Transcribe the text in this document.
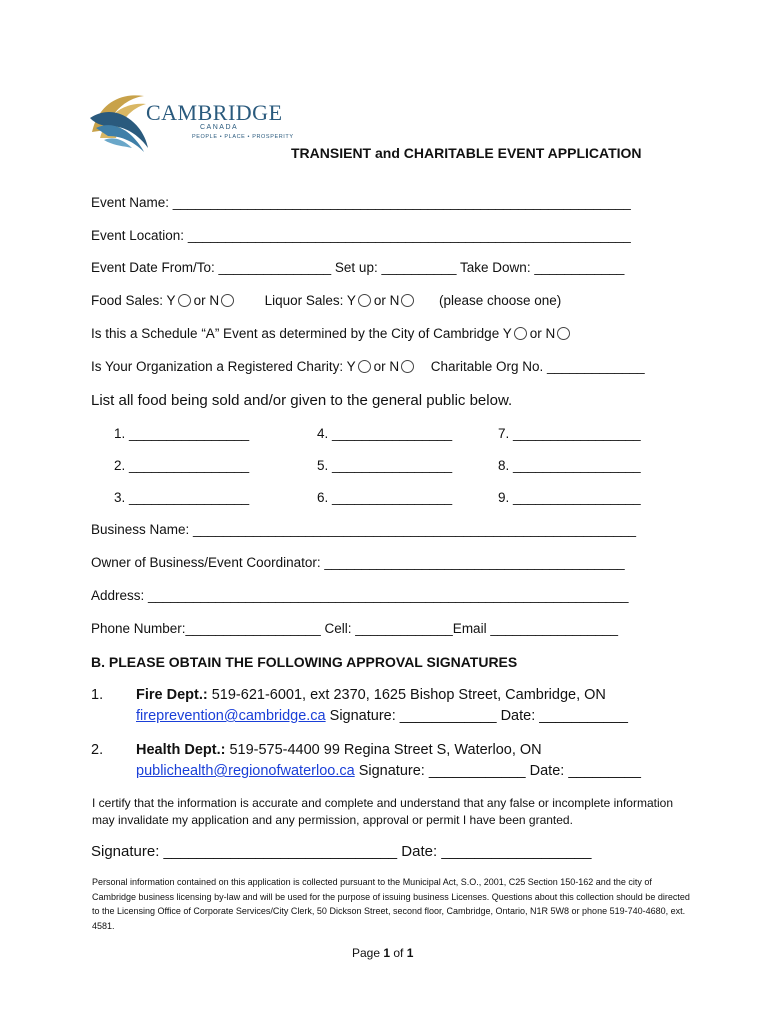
CAMBRIDGE
CANADA
PEOPLE • PLACE • PROSPERITY
TRANSIENT and CHARITABLE EVENT APPLICATION
Event Name: _____________________________________________________________
Event Location: ___________________________________________________________
Event Date From/To: _______________ Set up: __________ Take Down: ____________
Food Sales: Y or N	Liquor Sales: Y or N	(please choose one)
Is this a Schedule “A” Event as determined by the City of Cambridge Y or N
Is Your Organization a Registered Charity: Y or N Charitable Org No. _____________
List all food being sold and/or given to the general public below.
1. ________________	4. ________________	7. _________________
2. ________________	5. ________________	8. _________________
3. ________________	6. ________________	9. _________________
Business Name: ___________________________________________________________
Owner of Business/Event Coordinator: ________________________________________
Address: ________________________________________________________________
Phone Number:__________________ Cell: _____________Email _________________
B. PLEASE OBTAIN THE FOLLOWING APPROVAL SIGNATURES
1. Fire Dept.: 519-621-6001, ext 2370, 1625 Bishop Street, Cambridge, ON
fireprevention@cambridge.ca Signature: ____________ Date: ___________
2. Health Dept.: 519-575-4400 99 Regina Street S, Waterloo, ON
publichealth@regionofwaterloo.ca Signature: ____________ Date: _________
I certify that the information is accurate and complete and understand that any false or incomplete information may invalidate my application and any permission, approval or permit I have been granted.
Signature: ____________________________ Date: __________________
Personal information contained on this application is collected pursuant to the Municipal Act, S.O., 2001, C25 Section 150-162 and the city of Cambridge business licensing by-law and will be used for the purpose of issuing business Licenses. Questions about this collection should be directed to the Licensing Office of Corporate Services/City Clerk, 50 Dickson Street, second floor, Cambridge, Ontario, N1R 5W8 or phone 519-740-4680, ext. 4581.
Page 1 of 1
